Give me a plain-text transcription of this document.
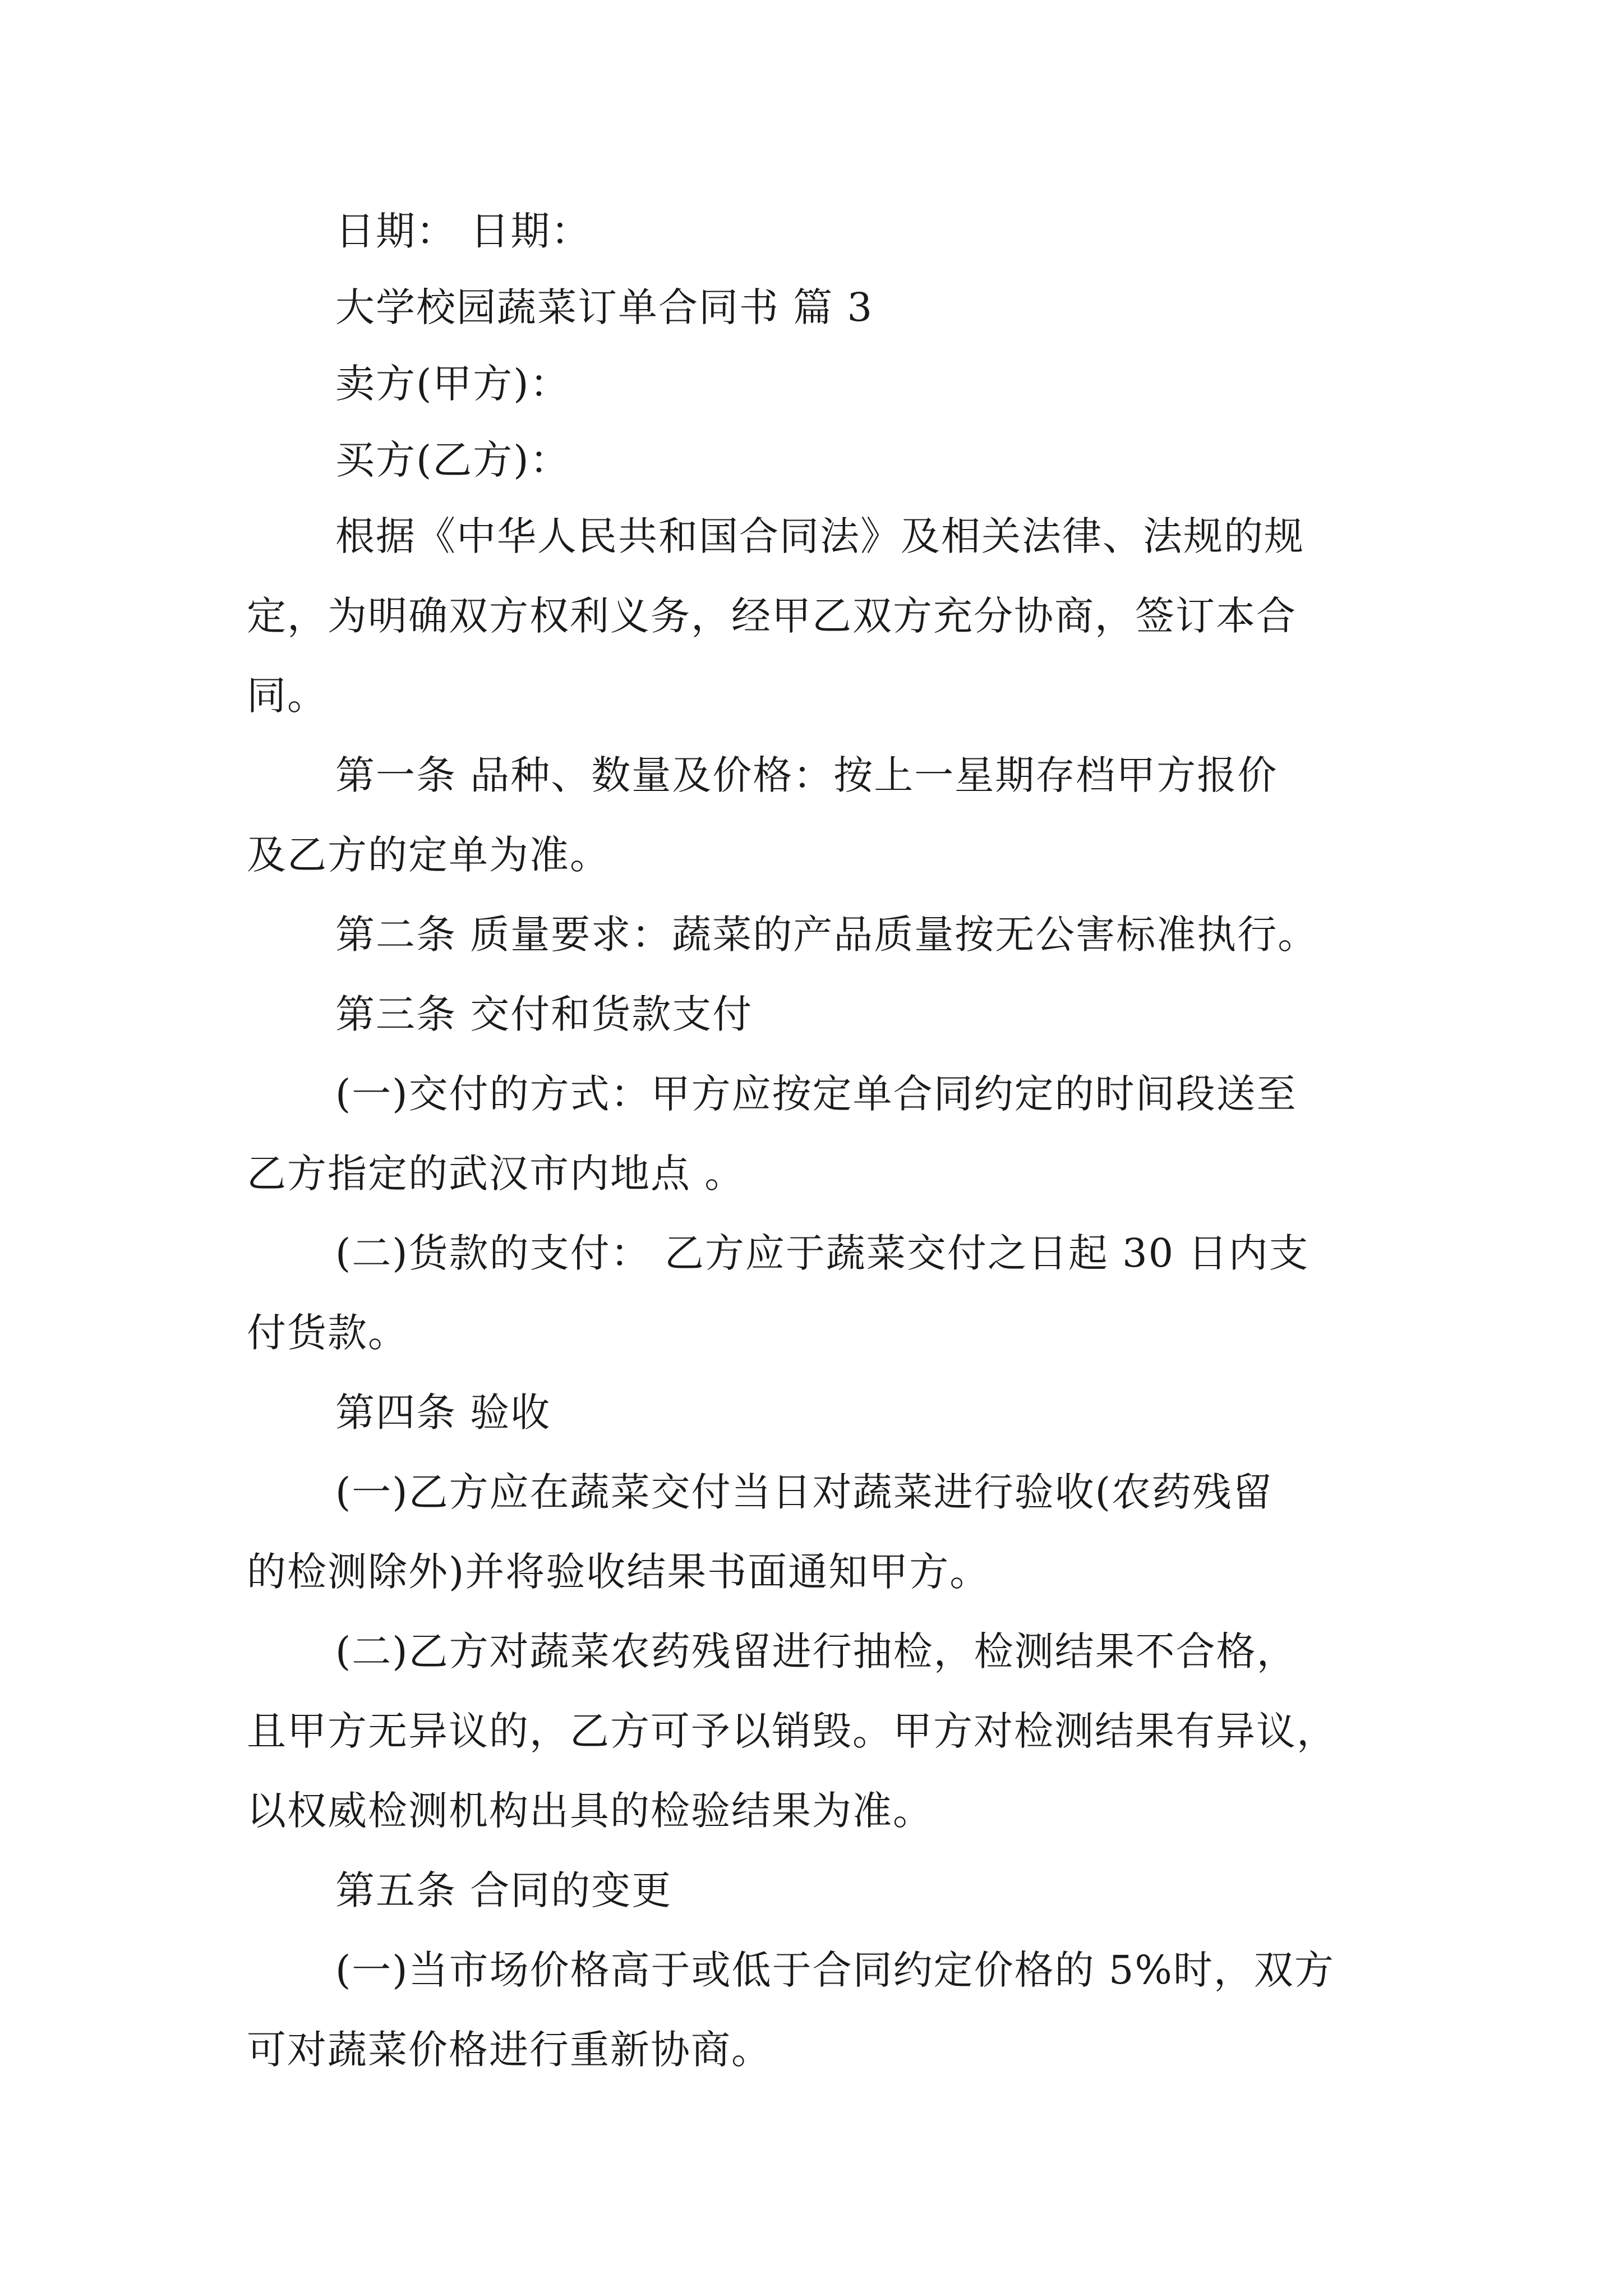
日期： 日期：
大学校园蔬菜订单合同书 篇 3
卖方(甲方)：
买方(乙方)：
根据《中华人民共和国合同法》及相关法律、法规的规
定，为明确双方权利义务，经甲乙双方充分协商，签订本合
同。
第一条 品种、数量及价格：按上一星期存档甲方报价
及乙方的定单为准。
第二条 质量要求：蔬菜的产品质量按无公害标准执行。
第三条 交付和货款支付
(一)交付的方式：甲方应按定单合同约定的时间段送至
乙方指定的武汉市内地点 。
(二)货款的支付： 乙方应于蔬菜交付之日起 30 日内支
付货款。
第四条 验收
(一)乙方应在蔬菜交付当日对蔬菜进行验收(农药残留
的检测除外)并将验收结果书面通知甲方。
(二)乙方对蔬菜农药残留进行抽检，检测结果不合格，
且甲方无异议的，乙方可予以销毁。甲方对检测结果有异议，
以权威检测机构出具的检验结果为准。
第五条 合同的变更
(一)当市场价格高于或低于合同约定价格的 5%时，双方
可对蔬菜价格进行重新协商。
